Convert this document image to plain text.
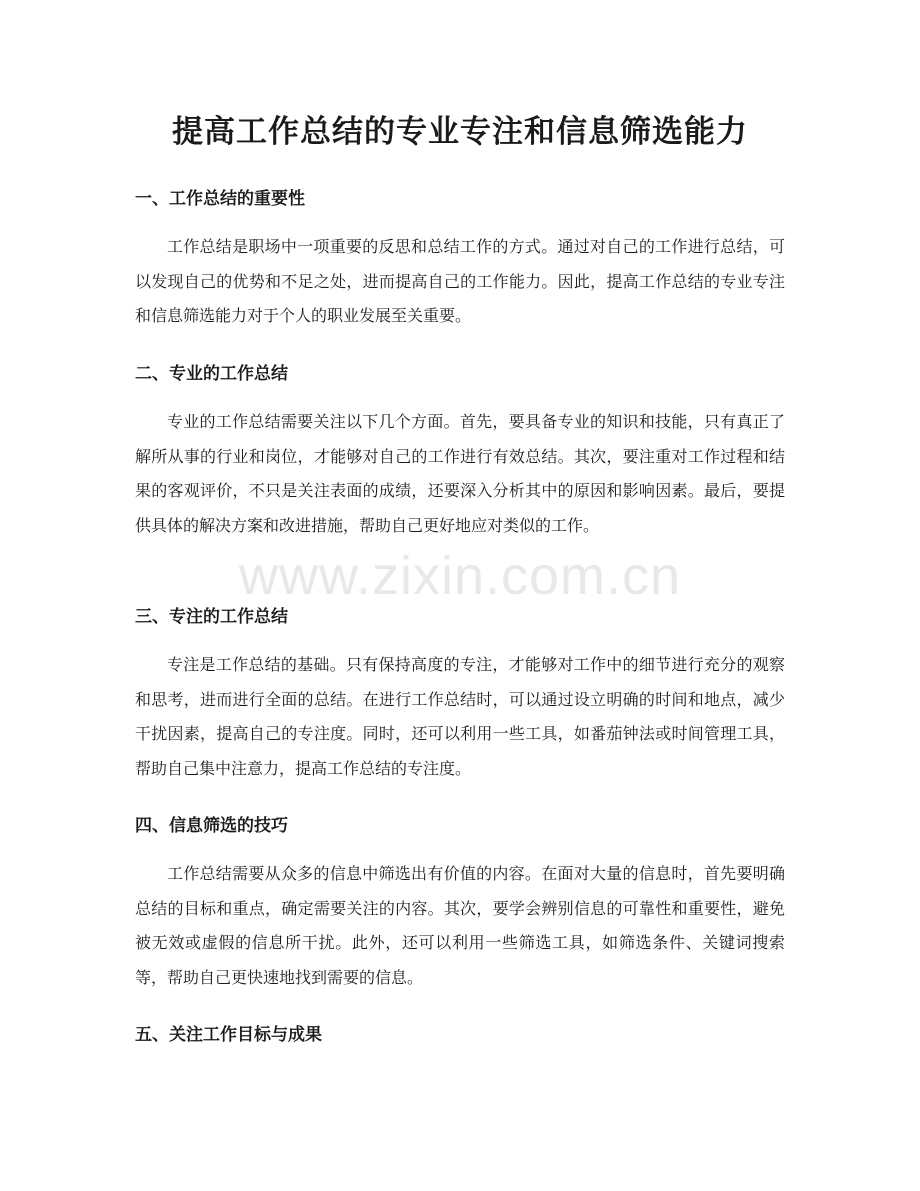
提高工作总结的专业专注和信息筛选能力
一、工作总结的重要性

工作总结是职场中一项重要的反思和总结工作的方式。通过对自己的工作进行总结，可以发现自己的优势和不足之处，进而提高自己的工作能力。因此，提高工作总结的专业专注和信息筛选能力对于个人的职业发展至关重要。

二、专业的工作总结

专业的工作总结需要关注以下几个方面。首先，要具备专业的知识和技能，只有真正了解所从事的行业和岗位，才能够对自己的工作进行有效总结。其次，要注重对工作过程和结果的客观评价，不只是关注表面的成绩，还要深入分析其中的原因和影响因素。最后，要提供具体的解决方案和改进措施，帮助自己更好地应对类似的工作。

三、专注的工作总结

专注是工作总结的基础。只有保持高度的专注，才能够对工作中的细节进行充分的观察和思考，进而进行全面的总结。在进行工作总结时，可以通过设立明确的时间和地点，减少干扰因素，提高自己的专注度。同时，还可以利用一些工具，如番茄钟法或时间管理工具，帮助自己集中注意力，提高工作总结的专注度。

四、信息筛选的技巧

工作总结需要从众多的信息中筛选出有价值的内容。在面对大量的信息时，首先要明确总结的目标和重点，确定需要关注的内容。其次，要学会辨别信息的可靠性和重要性，避免被无效或虚假的信息所干扰。此外，还可以利用一些筛选工具，如筛选条件、关键词搜索等，帮助自己更快速地找到需要的信息。

五、关注工作目标与成果
www.zixin.com.cn
